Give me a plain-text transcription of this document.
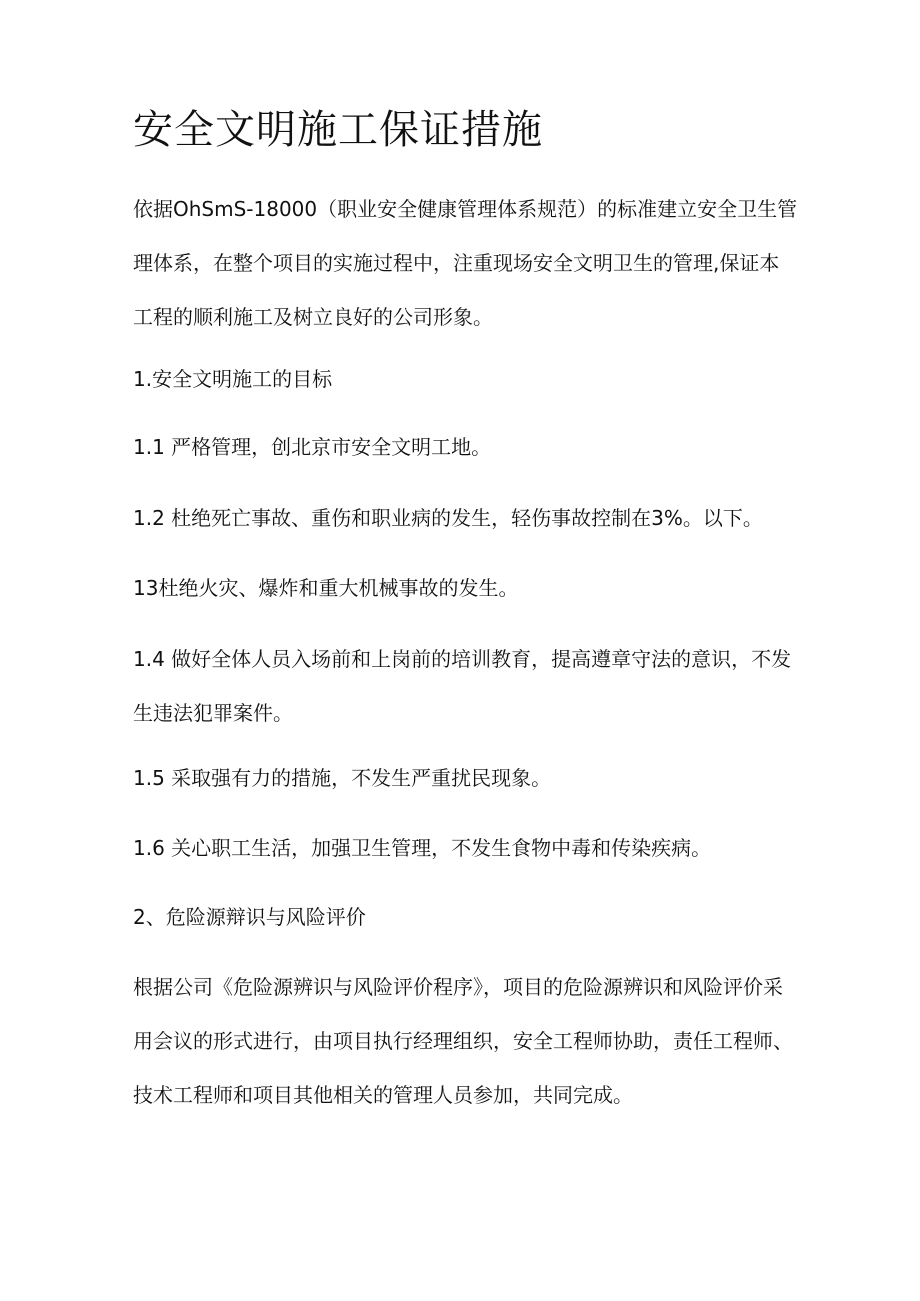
安全文明施工保证措施
依据OhSmS-18000（职业安全健康管理体系规范）的标准建立安全卫生管
理体系，在整个项目的实施过程中，注重现场安全文明卫生的管理,保证本
工程的顺利施工及树立良好的公司形象。
1.安全文明施工的目标
1.1 严格管理，创北京市安全文明工地。
1.2 杜绝死亡事故、重伤和职业病的发生，轻伤事故控制在3%。以下。
13杜绝火灾、爆炸和重大机械事故的发生。
1.4 做好全体人员入场前和上岗前的培训教育，提高遵章守法的意识，不发
生违法犯罪案件。
1.5 采取强有力的措施，不发生严重扰民现象。
1.6 关心职工生活，加强卫生管理，不发生食物中毒和传染疾病。
2、危险源辩识与风险评价
根据公司《危险源辨识与风险评价程序》，项目的危险源辨识和风险评价采
用会议的形式进行，由项目执行经理组织，安全工程师协助，责任工程师、
技术工程师和项目其他相关的管理人员参加，共同完成。
